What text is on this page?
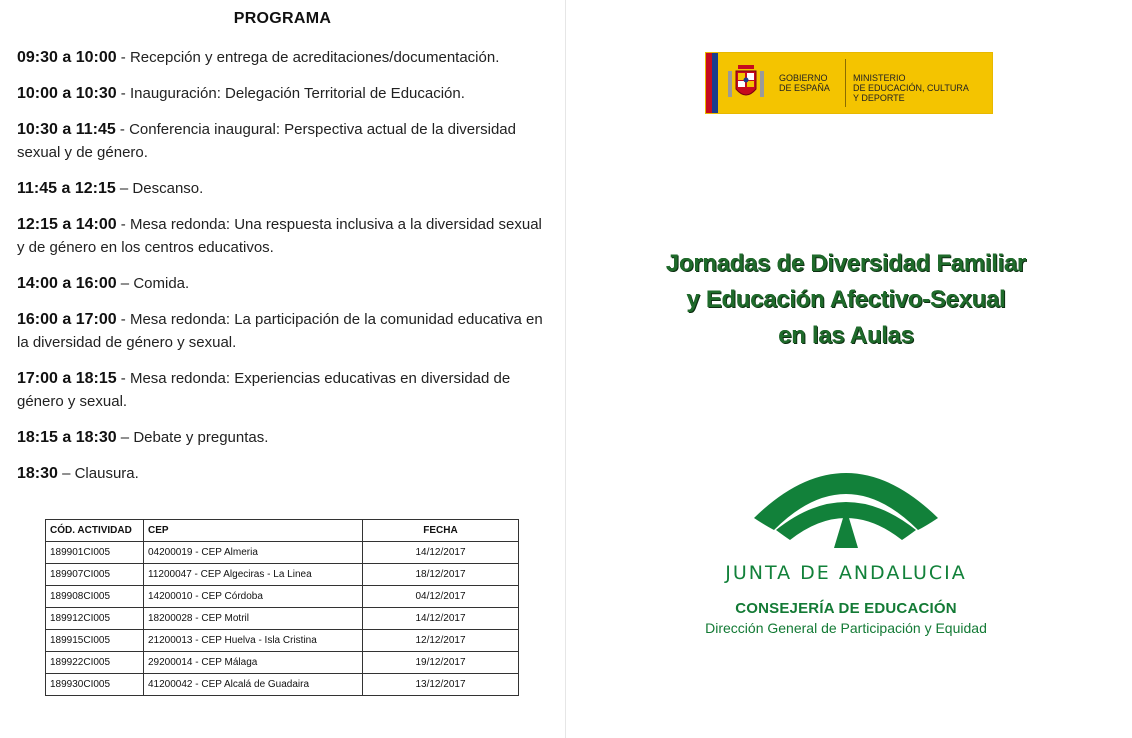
PROGRAMA
09:30 a 10:00 - Recepción y entrega de acreditaciones/documentación.
10:00 a 10:30 - Inauguración: Delegación Territorial de Educación.
10:30 a 11:45 - Conferencia inaugural: Perspectiva actual de la diversidad sexual y de género.
11:45 a 12:15 – Descanso.
12:15 a 14:00 - Mesa redonda: Una respuesta inclusiva a la diversidad sexual y de género en los centros educativos.
14:00 a 16:00 – Comida.
16:00 a 17:00 - Mesa redonda: La participación de la comunidad educativa en la diversidad de género y sexual.
17:00 a 18:15 - Mesa redonda: Experiencias educativas en diversidad de género y sexual.
18:15 a 18:30 – Debate y preguntas.
18:30 – Clausura.
CÓD. ACTIVIDAD	CEP	FECHA
189901CI005	04200019 - CEP Almeria	14/12/2017
189907CI005	11200047 - CEP Algeciras - La Linea	18/12/2017
189908CI005	14200010 - CEP Córdoba	04/12/2017
189912CI005	18200028 - CEP Motril	14/12/2017
189915CI005	21200013 - CEP Huelva - Isla Cristina	12/12/2017
189922CI005	29200014 - CEP Málaga	19/12/2017
189930CI005	41200042 - CEP Alcalá de Guadaira	13/12/2017
GOBIERNO
DE ESPAÑA
MINISTERIO
DE EDUCACIÓN, CULTURA
Y DEPORTE
Jornadas de Diversidad Familiar
y Educación Afectivo-Sexual
en las Aulas
JUNTA DE ANDALUCIA
CONSEJERÍA DE EDUCACIÓN
Dirección General de Participación y Equidad
